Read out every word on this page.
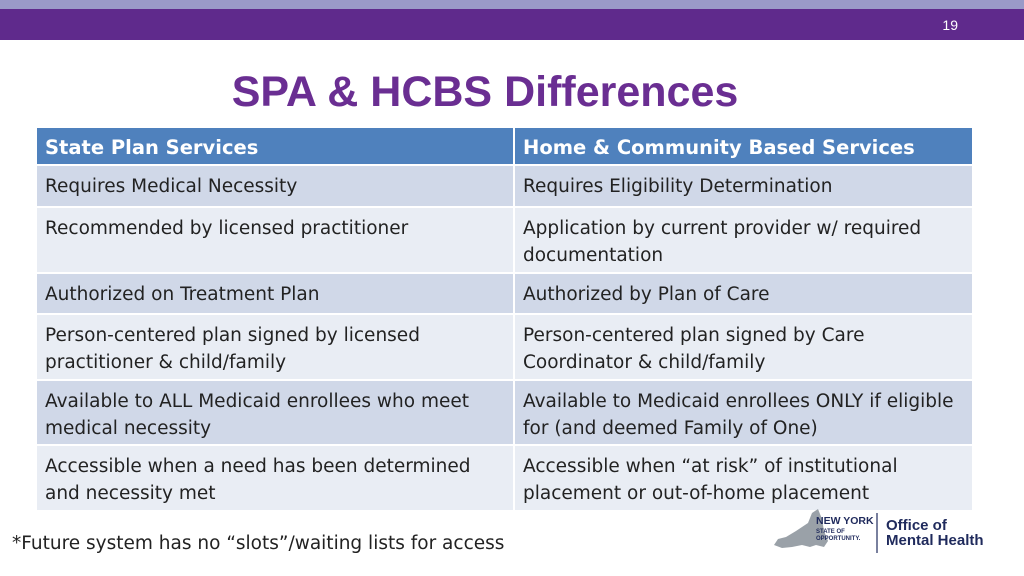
19
SPA & HCBS Differences
State Plan Services	Home & Community Based Services
Requires Medical Necessity	Requires Eligibility Determination
Recommended by licensed practitioner	Application by current provider w/ required documentation
Authorized on Treatment Plan	Authorized by Plan of Care
Person-centered plan signed by licensed practitioner & child/family	Person-centered plan signed by Care Coordinator & child/family
Available to ALL Medicaid enrollees who meet medical necessity	Available to Medicaid enrollees ONLY if eligible for (and deemed Family of One)
Accessible when a need has been determined and necessity met	Accessible when “at risk” of institutional placement or out-of-home placement
*Future system has no “slots”/waiting lists for access
NEW YORK
STATE OF
OPPORTUNITY.
Office of
Mental Health
